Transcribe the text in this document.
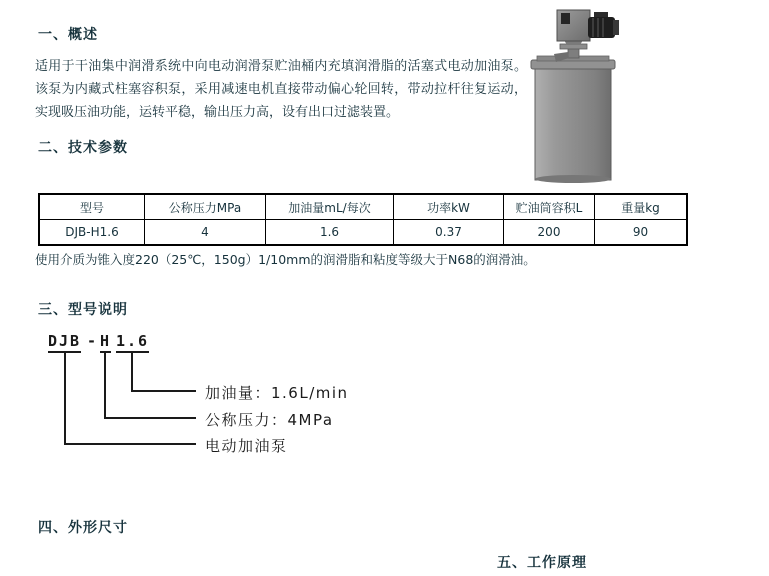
一、概述
适用于干油集中润滑系统中向电动润滑泵贮油桶内充填润滑脂的活塞式电动加油泵。该泵为内藏式柱塞容积泵，采用减速电机直接带动偏心轮回转，带动拉杆往复运动，实现吸压油功能，运转平稳，输出压力高，设有出口过滤装置。
二、技术参数
型号	公称压力MPa	加油量mL/每次	功率kW	贮油筒容积L	重量kg
DJB-H1.6	4	1.6	0.37	200	90
使用介质为锥入度220（25℃，150g）1/10mm的润滑脂和粘度等级大于N68的润滑油。
三、型号说明
DJB - H 1.6
加油量：1.6L/min
公称压力：4MPa
电动加油泵
四、外形尺寸
五、工作原理
